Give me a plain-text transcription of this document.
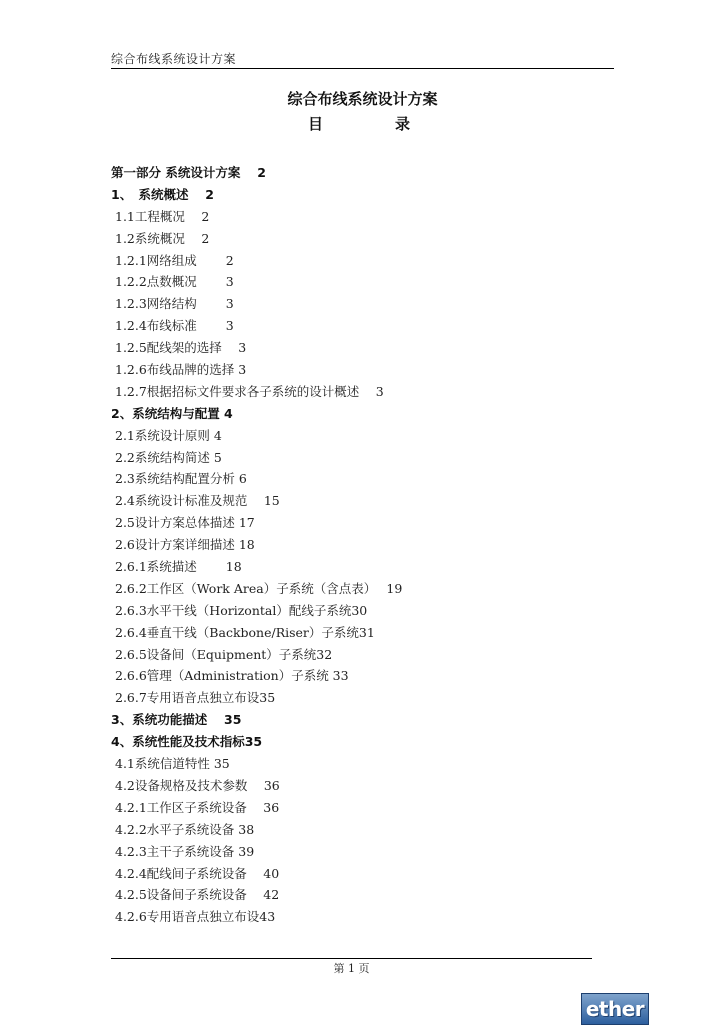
综合布线系统设计方案
综合布线系统设计方案
目	录
第一部分 系统设计方案　 2
1、　系统概述　 2
1.1工程概况　 2
1.2系统概况　 2
1.2.1网络组成　　 2
1.2.2点数概况　　 3
1.2.3网络结构　　 3
1.2.4布线标准　　 3
1.2.5配线架的选择　 3
1.2.6布线品牌的选择 3
1.2.7根据招标文件要求各子系统的设计概述　 3
2、系统结构与配置 4
2.1系统设计原则 4
2.2系统结构简述 5
2.3系统结构配置分析 6
2.4系统设计标准及规范　 15
2.5设计方案总体描述 17
2.6设计方案详细描述 18
2.6.1系统描述　　 18
2.6.2工作区（Work Area）子系统（含点表）　 19
2.6.3水平干线（Horizontal）配线子系统30
2.6.4垂直干线（Backbone/Riser）子系统31
2.6.5设备间（Equipment）子系统32
2.6.6管理（Administration）子系统 33
2.6.7专用语音点独立布设35
3、系统功能描述　 35
4、系统性能及技术指标35
4.1系统信道特性 35
4.2设备规格及技术参数　 36
4.2.1工作区子系统设备　 36
4.2.2水平子系统设备 38
4.2.3主干子系统设备 39
4.2.4配线间子系统设备　 40
4.2.5设备间子系统设备　 42
4.2.6专用语音点独立布设43
第 1 页
ether
